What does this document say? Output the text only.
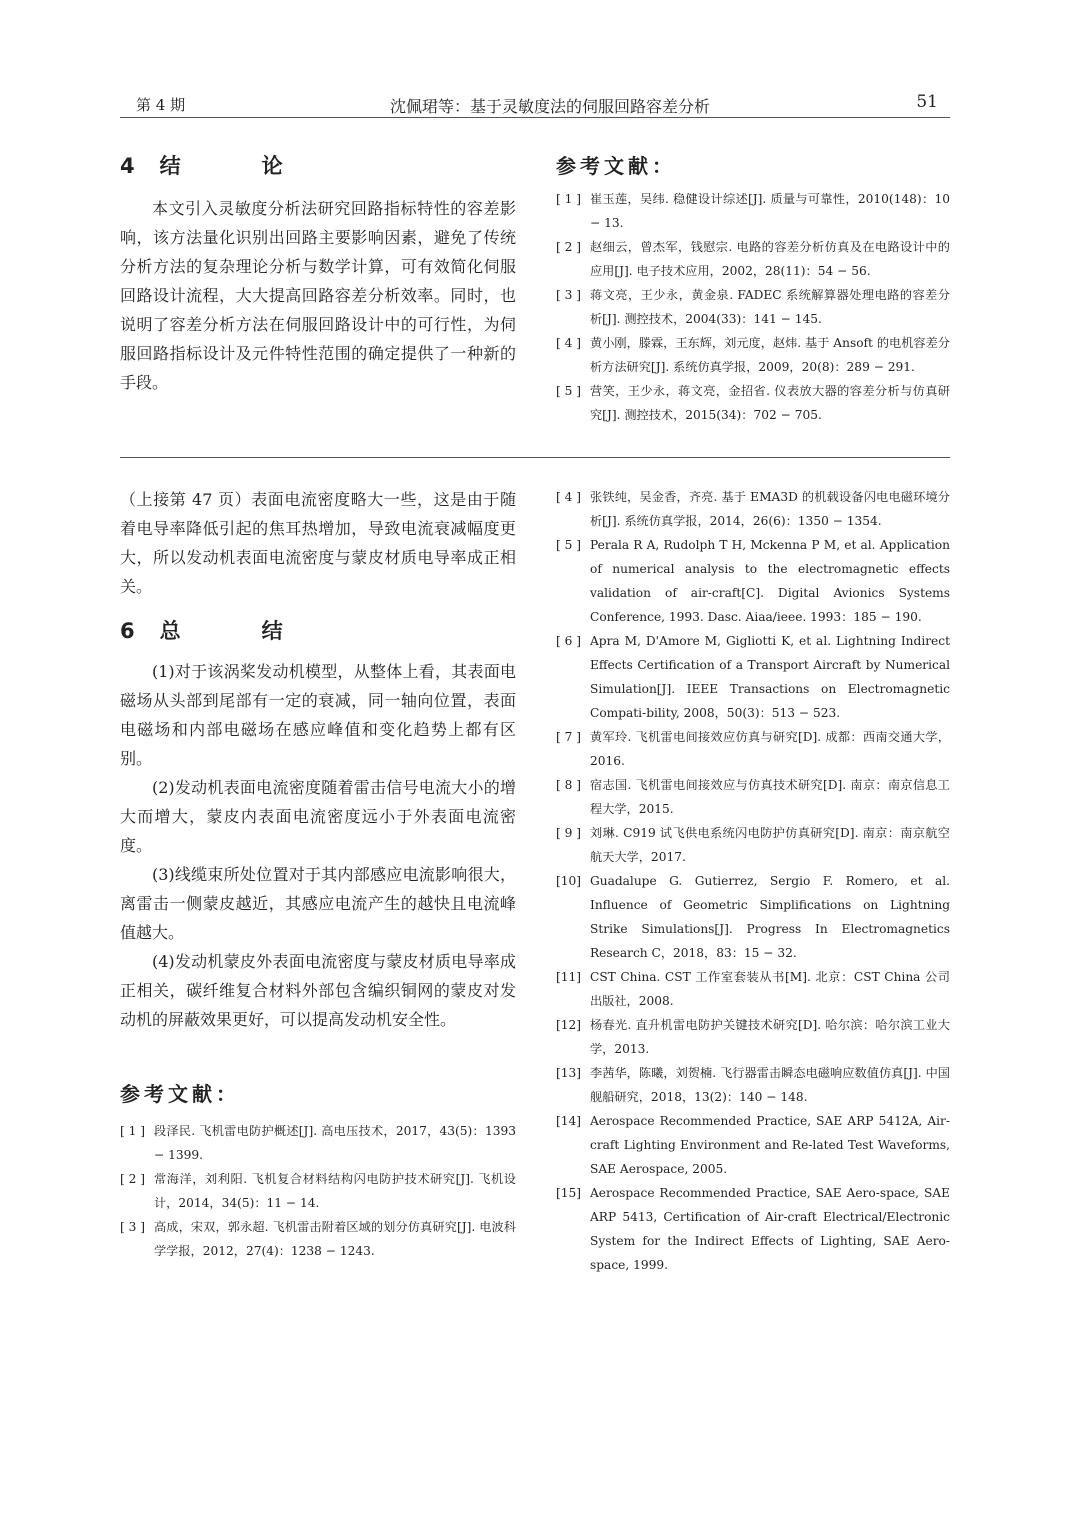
第 4 期	沈佩珺等：基于灵敏度法的伺服回路容差分析	51
4 结　论

本文引入灵敏度分析法研究回路指标特性的容差影响，该方法量化识别出回路主要影响因素，避免了传统分析方法的复杂理论分析与数学计算，可有效简化伺服回路设计流程，大大提高回路容差分析效率。同时，也说明了容差分析方法在伺服回路设计中的可行性，为伺服回路指标设计及元件特性范围的确定提供了一种新的手段。

参考文献：
[ 1 ] 崔玉莲，吴纬. 稳健设计综述[J]. 质量与可靠性，2010(148)：10 − 13.
[ 2 ] 赵细云，曾杰军，钱慰宗. 电路的容差分析仿真及在电路设计中的应用[J]. 电子技术应用，2002，28(11)：54 − 56.
[ 3 ] 蒋文亮，王少永，黄金泉. FADEC 系统解算器处理电路的容差分析[J]. 测控技术，2004(33)：141 − 145.
[ 4 ] 黄小刚，滕霖，王东辉，刘元度，赵炜. 基于 Ansoft 的电机容差分析方法研究[J]. 系统仿真学报，2009，20(8)：289 − 291.
[ 5 ] 营笑，王少永，蒋文亮，金招省. 仪表放大器的容差分析与仿真研究[J]. 测控技术，2015(34)：702 − 705.

（上接第 47 页）表面电流密度略大一些，这是由于随着电导率降低引起的焦耳热增加，导致电流衰减幅度更大，所以发动机表面电流密度与蒙皮材质电导率成正相关。

6 总　结

(1)对于该涡桨发动机模型，从整体上看，其表面电磁场从头部到尾部有一定的衰减，同一轴向位置，表面电磁场和内部电磁场在感应峰值和变化趋势上都有区别。

(2)发动机表面电流密度随着雷击信号电流大小的增大而增大，蒙皮内表面电流密度远小于外表面电流密度。

(3)线缆束所处位置对于其内部感应电流影响很大，离雷击一侧蒙皮越近，其感应电流产生的越快且电流峰值越大。

(4)发动机蒙皮外表面电流密度与蒙皮材质电导率成正相关，碳纤维复合材料外部包含编织铜网的蒙皮对发动机的屏蔽效果更好，可以提高发动机安全性。

参考文献：
[ 1 ] 段泽民. 飞机雷电防护概述[J]. 高电压技术，2017，43(5)：1393 − 1399.
[ 2 ] 常海洋，刘利阳. 飞机复合材料结构闪电防护技术研究[J]. 飞机设计，2014，34(5)：11 − 14.
[ 3 ] 高成，宋双，郭永超. 飞机雷击附着区域的划分仿真研究[J]. 电波科学学报，2012，27(4)：1238 − 1243.
[ 4 ] 张铁纯，吴金香，齐亮. 基于 EMA3D 的机载设备闪电电磁环境分析[J]. 系统仿真学报，2014，26(6)：1350 − 1354.
[ 5 ] Perala R A, Rudolph T H, Mckenna P M, et al. Application of numerical analysis to the electromagnetic effects validation of air-craft[C]. Digital Avionics Systems Conference, 1993. Dasc. Aiaa/ieee. 1993：185 − 190.
[ 6 ] Apra M, D'Amore M, Gigliotti K, et al. Lightning Indirect Effects Certification of a Transport Aircraft by Numerical Simulation[J]. IEEE Transactions on Electromagnetic Compati-bility, 2008，50(3)：513 − 523.
[ 7 ] 黄军玲. 飞机雷电间接效应仿真与研究[D]. 成都：西南交通大学，2016.
[ 8 ] 宿志国. 飞机雷电间接效应与仿真技术研究[D]. 南京：南京信息工程大学，2015.
[ 9 ] 刘琳. C919 试飞供电系统闪电防护仿真研究[D]. 南京：南京航空航天大学，2017.
[10] Guadalupe G. Gutierrez, Sergio F. Romero, et al. Influence of Geometric Simplifications on Lightning Strike Simulations[J]. Progress In Electromagnetics Research C，2018，83：15 − 32.
[11] CST China. CST 工作室套装从书[M]. 北京：CST China 公司出版社，2008.
[12] 杨春光. 直升机雷电防护关键技术研究[D]. 哈尔滨：哈尔滨工业大学，2013.
[13] 李茜华，陈曦，刘贺楠. 飞行器雷击瞬态电磁响应数值仿真[J]. 中国舰船研究，2018，13(2)：140 − 148.
[14] Aerospace Recommended Practice, SAE ARP 5412A, Air-craft Lighting Environment and Re-lated Test Waveforms, SAE Aerospace, 2005.
[15] Aerospace Recommended Practice, SAE Aero-space, SAE ARP 5413, Certification of Air-craft Electrical/Electronic System for the Indirect Effects of Lighting, SAE Aero-space, 1999.
